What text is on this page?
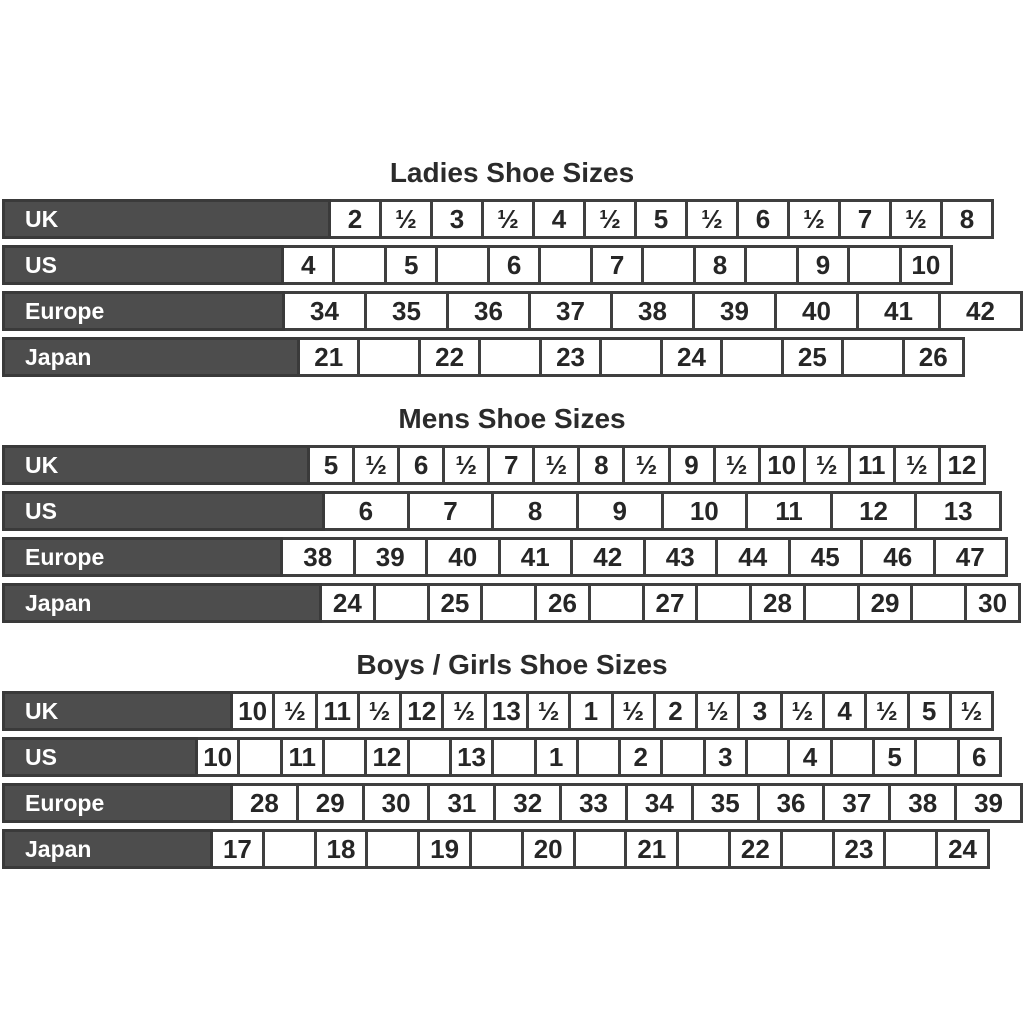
Ladies Shoe Sizes
UK	2	½	3	½	4	½	5	½	6	½	7	½	8
US	4	5	6	7	8	9	10
Europe	34	35	36	37	38	39	40	41	42
Japan	21	22	23	24	25	26
Mens Shoe Sizes
UK	5	½	6	½	7	½	8	½	9	½ 10 ½ 11 ½ 12
US	6	7	8	9	10	11	12	13
Europe	38	39	40	41	42	43	44	45	46	47
Japan	24	25	26	27	28	29	30
Boys / Girls Shoe Sizes
UK	10 ½ 11 ½ 12 ½ 13 ½ 1 ½ 2 ½ 3 ½ 4 ½ 5 ½
US	10	11	12	13	1	2	3	4	5	6
Europe	28	29	30	31	32	33	34	35	36	37	38	39
Japan	17	18	19	20	21	22	23	24
